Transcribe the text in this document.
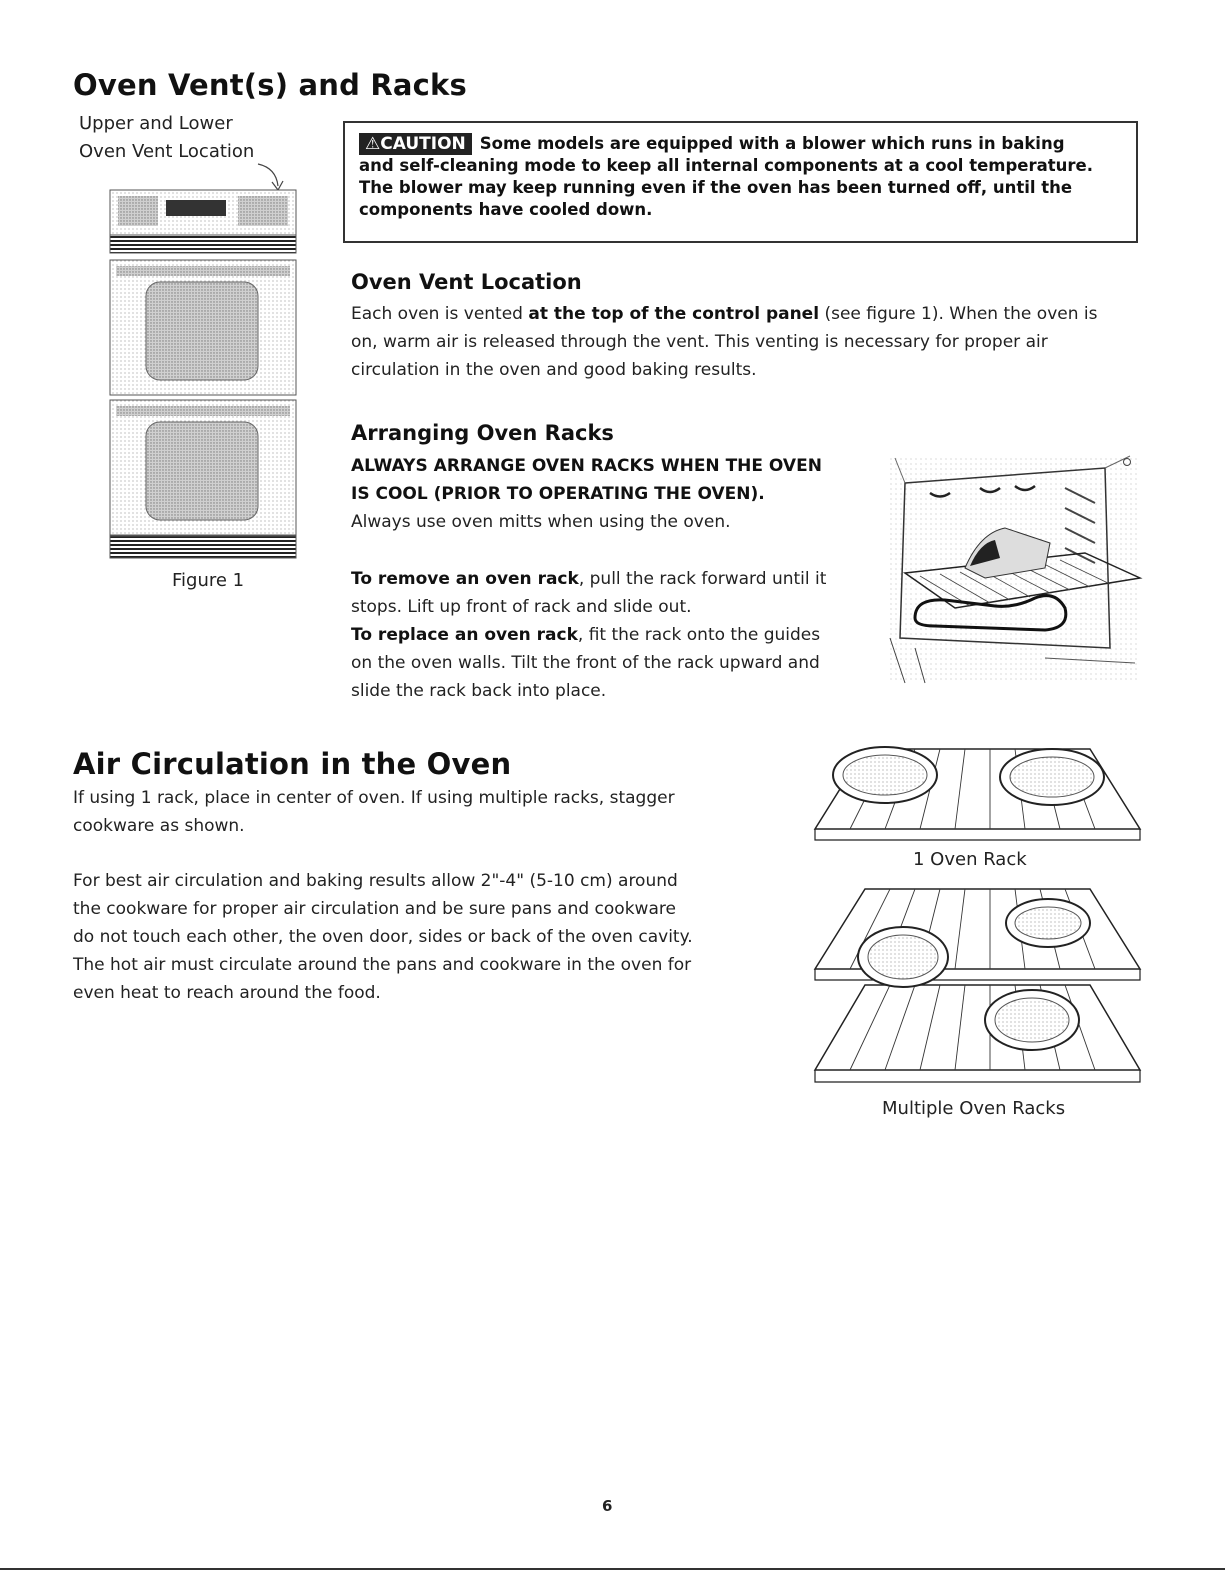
Oven Vent(s) and Racks
Upper and Lower
Oven Vent Location
Figure 1
⚠CAUTION Some models are equipped with a blower which runs in baking
and self-cleaning mode to keep all internal components at a cool temperature.
The blower may keep running even if the oven has been turned off, until the
components have cooled down.
Oven Vent Location
Each oven is vented at the top of the control panel (see figure 1). When the oven is
on, warm air is released through the vent. This venting is necessary for proper air
circulation in the oven and good baking results.
Arranging Oven Racks
ALWAYS ARRANGE OVEN RACKS WHEN THE OVEN
IS COOL (PRIOR TO OPERATING THE OVEN).
Always use oven mitts when using the oven.
To remove an oven rack, pull the rack forward until it
stops. Lift up front of rack and slide out.
To replace an oven rack, fit the rack onto the guides
on the oven walls. Tilt the front of the rack upward and
slide the rack back into place.
Air Circulation in the Oven
If using 1 rack, place in center of oven. If using multiple racks, stagger
cookware as shown.
For best air circulation and baking results allow 2"-4" (5-10 cm) around
the cookware for proper air circulation and be sure pans and cookware
do not touch each other, the oven door, sides or back of the oven cavity.
The hot air must circulate around the pans and cookware in the oven for
even heat to reach around the food.
1 Oven Rack
Multiple Oven Racks
6
